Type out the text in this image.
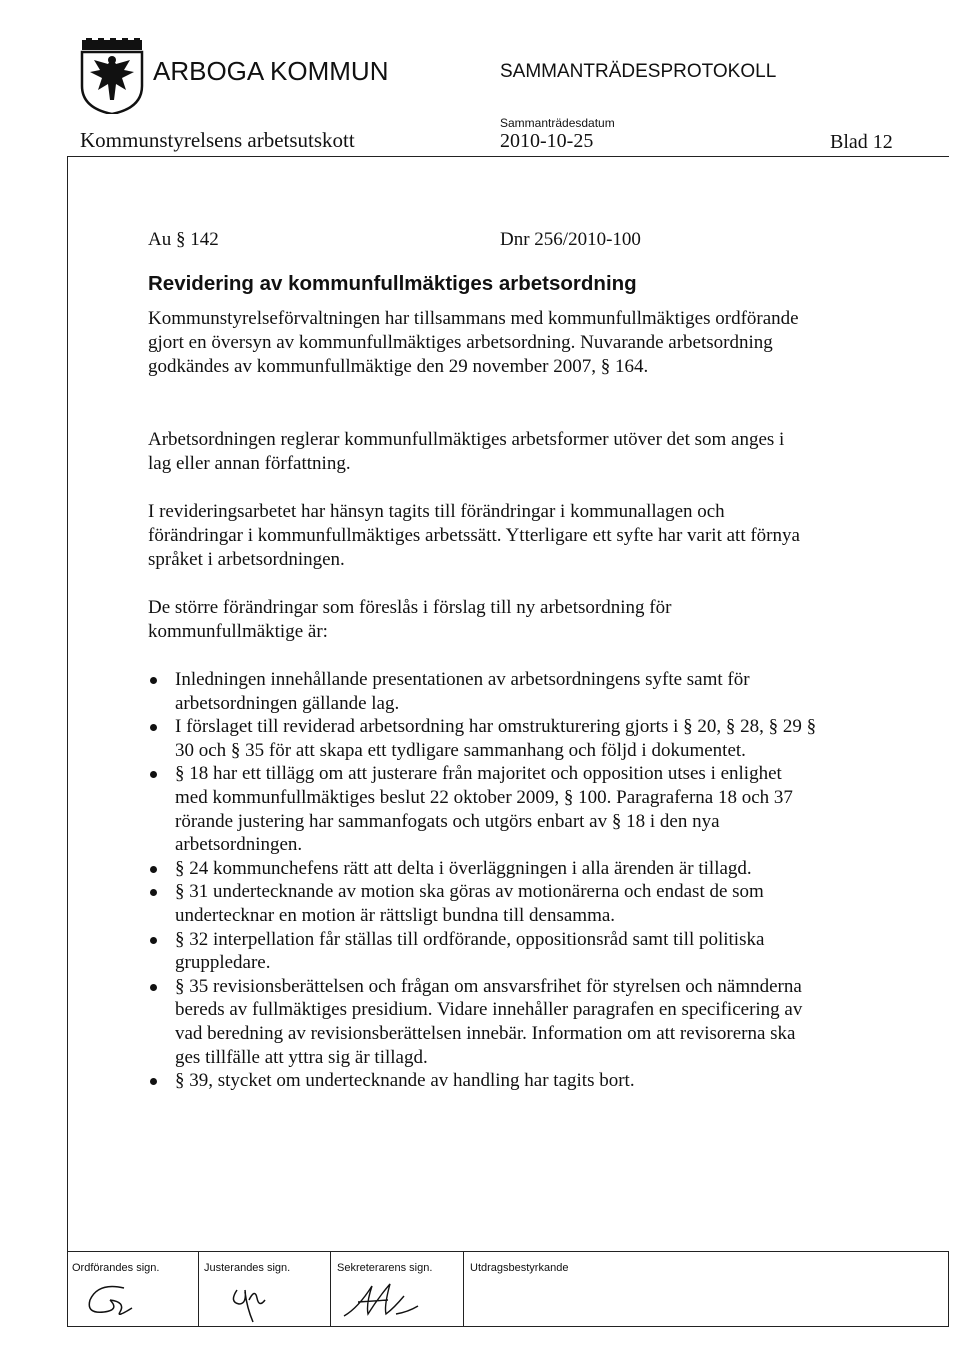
ARBOGA KOMMUN	SAMMANTRÄDESPROTOKOLL
Kommunstyrelsens arbetsutskott
Sammanträdesdatum
2010-10-25	Blad 12
Au § 142	Dnr 256/2010-100
Revidering av kommunfullmäktiges arbetsordning
Kommunstyrelseförvaltningen har tillsammans med kommunfullmäktiges ordförande gjort en översyn av kommunfullmäktiges arbetsordning. Nuvarande arbetsordning godkändes av kommunfullmäktige den 29 november 2007, § 164.
Arbetsordningen reglerar kommunfullmäktiges arbetsformer utöver det som anges i lag eller annan författning.
I revideringsarbetet har hänsyn tagits till förändringar i kommunallagen och förändringar i kommunfullmäktiges arbetssätt. Ytterligare ett syfte har varit att förnya språket i arbetsordningen.
De större förändringar som föreslås i förslag till ny arbetsordning för kommunfullmäktige är:
Inledningen innehållande presentationen av arbetsordningens syfte samt för arbetsordningen gällande lag.
I förslaget till reviderad arbetsordning har omstrukturering gjorts i § 20, § 28, § 29 § 30 och § 35 för att skapa ett tydligare sammanhang och följd i dokumentet.
§ 18 har ett tillägg om att justerare från majoritet och opposition utses i enlighet med kommunfullmäktiges beslut 22 oktober 2009, § 100. Paragraferna 18 och 37 rörande justering har sammanfogats och utgörs enbart av § 18 i den nya arbetsordningen.
§ 24 kommunchefens rätt att delta i överläggningen i alla ärenden är tillagd.
§ 31 undertecknande av motion ska göras av motionärerna och endast de som undertecknar en motion är rättsligt bundna till densamma.
§ 32 interpellation får ställas till ordförande, oppositionsråd samt till politiska gruppledare.
§ 35 revisionsberättelsen och frågan om ansvarsfrihet för styrelsen och nämnderna bereds av fullmäktiges presidium. Vidare innehåller paragrafen en specificering av vad beredning av revisionsberättelsen innebär. Information om att revisorerna ska ges tillfälle att yttra sig är tillagd.
§ 39, stycket om undertecknande av handling har tagits bort.
Ordförandes sign.	Justerandes sign.	Sekreterarens sign.	Utdragsbestyrkande
